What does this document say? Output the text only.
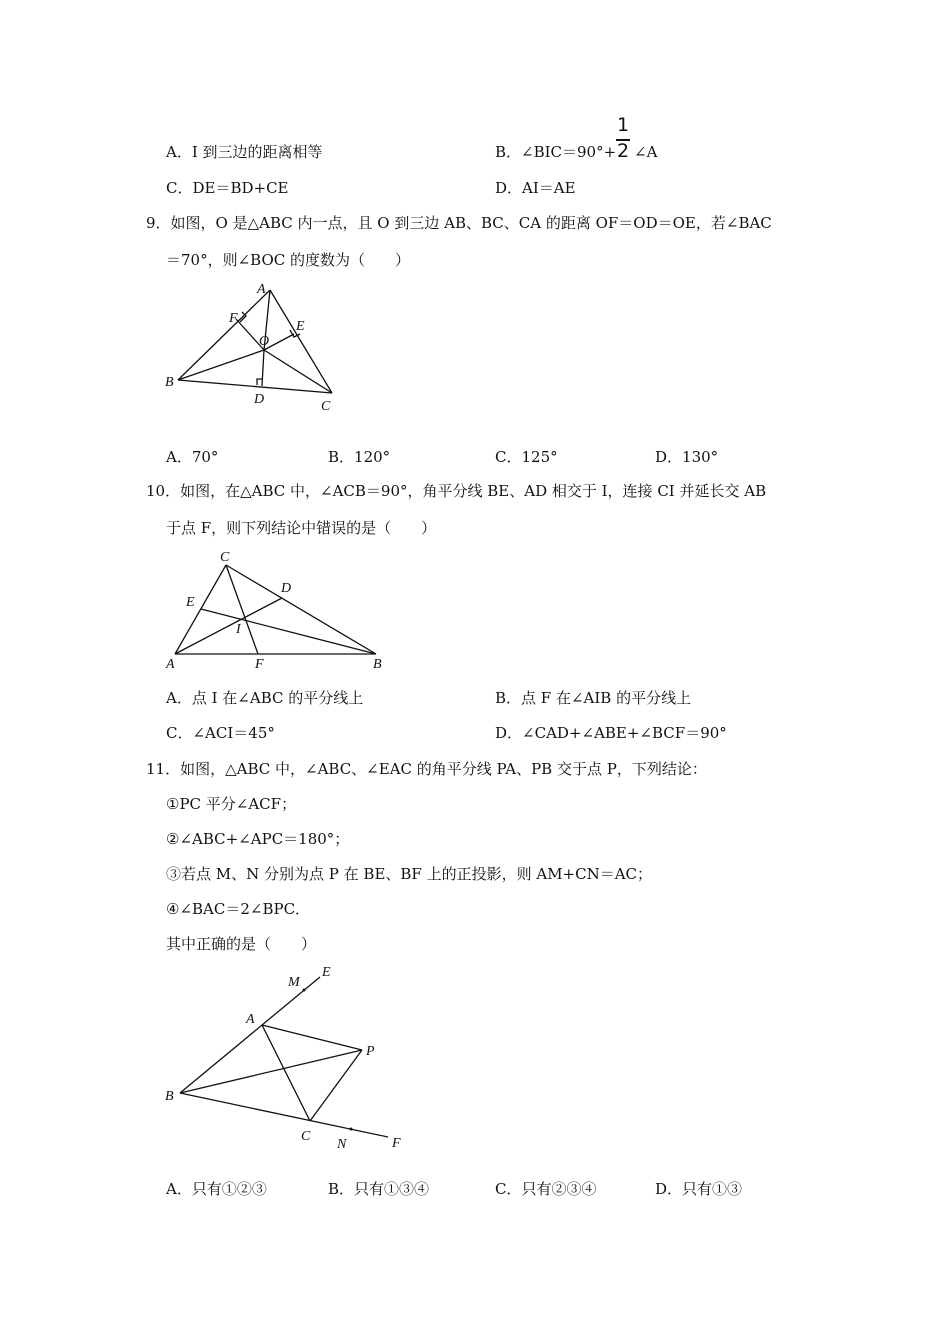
A．I 到三边的距离相等	B．∠BIC＝90°+
1
2 ∠A
C．DE＝BD+CE	D．AI＝AE
9．如图，O 是△ABC 内一点，且 O 到三边 AB、BC、CA 的距离 OF＝OD＝OE，若∠BAC
＝70°，则∠BOC 的度数为（　　）
A
F
O
E
B
D	C
A．70°	B．120°	C．125°	D．130°
10．如图，在△ABC 中，∠ACB＝90°，角平分线 BE、AD 相交于 I，连接 CI 并延长交 AB
于点 F，则下列结论中错误的是（　　）
C
D
E
I
A	F	B
A．点 I 在∠ABC 的平分线上	B．点 F 在∠AIB 的平分线上
C．∠ACI＝45°	D．∠CAD+∠ABE+∠BCF＝90°
11．如图，△ABC 中，∠ABC、∠EAC 的角平分线 PA、PB 交于点 P，下列结论：
①PC 平分∠ACF；
②∠ABC+∠APC＝180°；
③若点 M、N 分别为点 P 在 BE、BF 上的正投影，则 AM+CN＝AC；
④∠BAC＝2∠BPC．
其中正确的是（　　）
M
E
A
P
B
C
N	F
A．只有①②③	B．只有①③④	C．只有②③④	D．只有①③
